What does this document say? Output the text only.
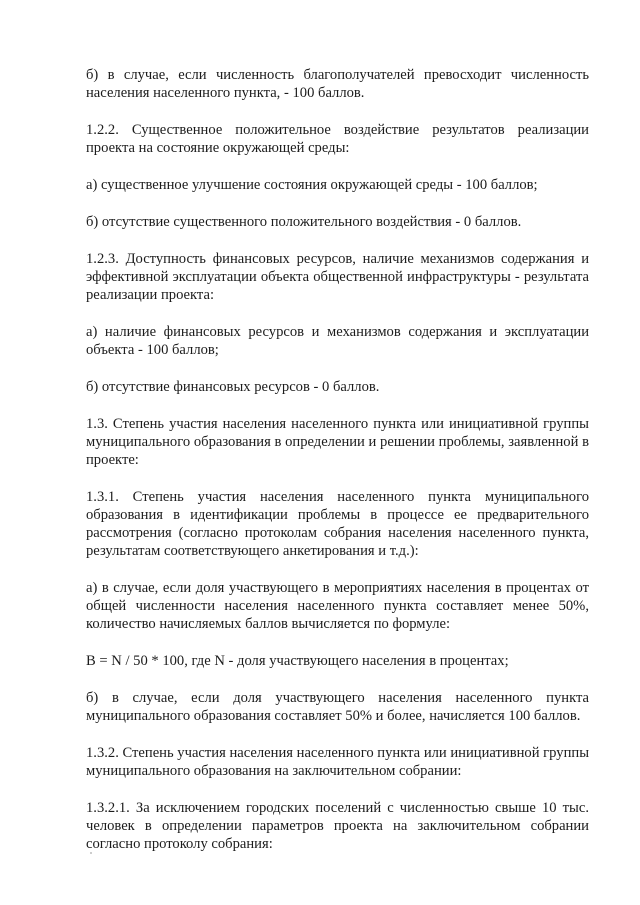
б) в случае, если численность благополучателей превосходит численность населения населенного пункта, - 100 баллов.

1.2.2. Существенное положительное воздействие результатов реализации проекта на состояние окружающей среды:

а) существенное улучшение состояния окружающей среды - 100 баллов;

б) отсутствие существенного положительного воздействия - 0 баллов.

1.2.3. Доступность финансовых ресурсов, наличие механизмов содержания и эффективной эксплуатации объекта общественной инфраструктуры - результата реализации проекта:

а) наличие финансовых ресурсов и механизмов содержания и эксплуатации объекта - 100 баллов;

б) отсутствие финансовых ресурсов - 0 баллов.

1.3. Степень участия населения населенного пункта или инициативной группы муниципального образования в определении и решении проблемы, заявленной в проекте:

1.3.1. Степень участия населения населенного пункта муниципального образования в идентификации проблемы в процессе ее предварительного рассмотрения (согласно протоколам собрания населения населенного пункта, результатам соответствующего анкетирования и т.д.):

а) в случае, если доля участвующего в мероприятиях населения в процентах от общей численности населения населенного пункта составляет менее 50%, количество начисляемых баллов вычисляется по формуле:

B = N / 50 * 100, где N - доля участвующего населения в процентах;

б) в случае, если доля участвующего населения населенного пункта муниципального образования составляет 50% и более, начисляется 100 баллов.

1.3.2. Степень участия населения населенного пункта или инициативной группы муниципального образования на заключительном собрании:

1.3.2.1. За исключением городских поселений с численностью свыше 10 тыс. человек в определении параметров проекта на заключительном собрании согласно протоколу собрания:
